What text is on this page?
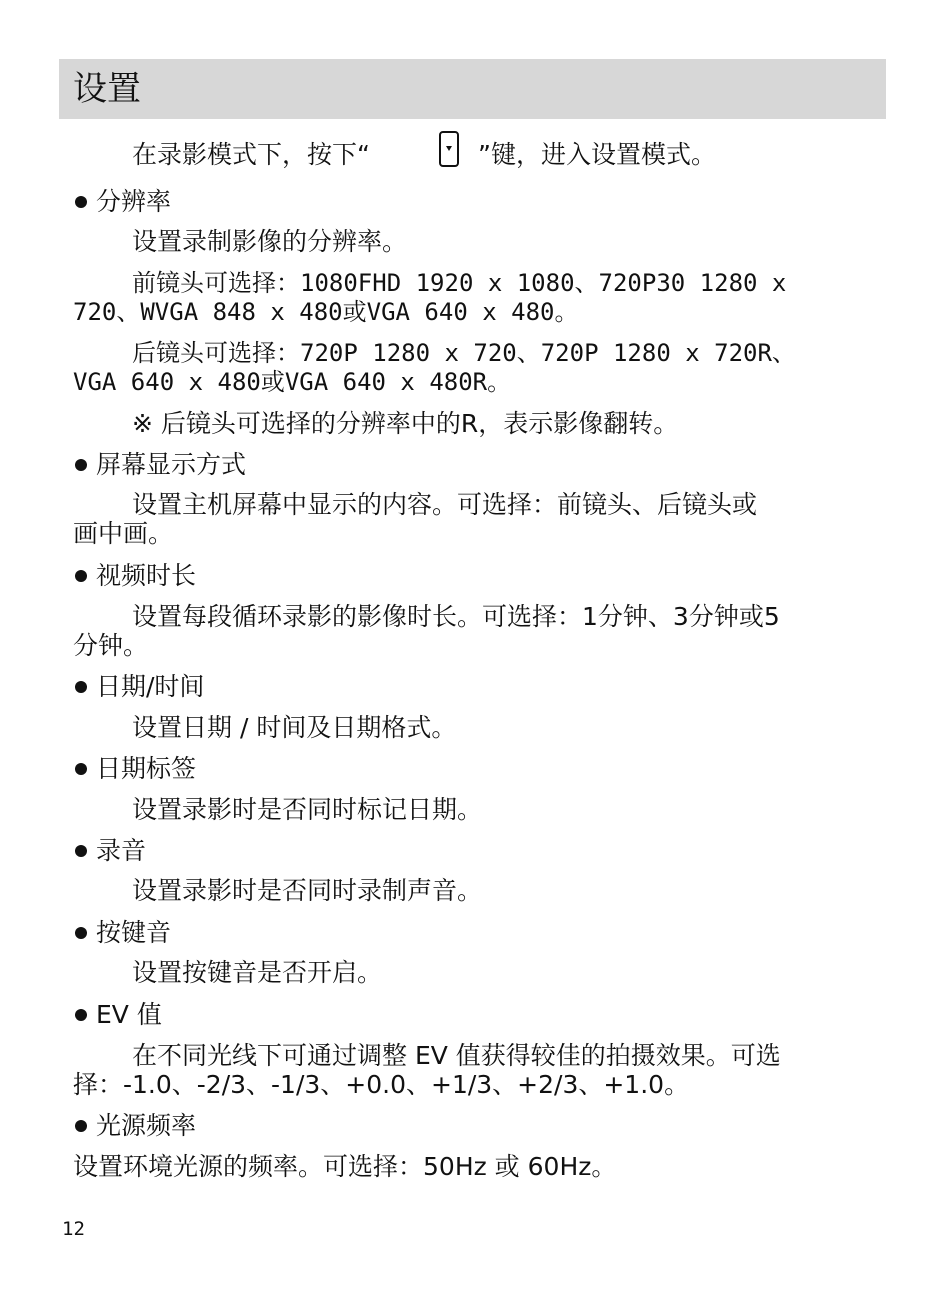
设置
在录影模式下，按下“	”键，进入设置模式。
分辨率
设置录制影像的分辨率。
前镜头可选择：1080FHD 1920 x 1080、720P30 1280 x
720、WVGA 848 x 480或VGA 640 x 480。
后镜头可选择：720P 1280 x 720、720P 1280 x 720R、
VGA 640 x 480或VGA 640 x 480R。
※ 后镜头可选择的分辨率中的R，表示影像翻转。
屏幕显示方式
设置主机屏幕中显示的内容。可选择：前镜头、后镜头或
画中画。
视频时长
设置每段循环录影的影像时长。可选择：1分钟、3分钟或5
分钟。
日期/时间
设置日期 / 时间及日期格式。
日期标签
设置录影时是否同时标记日期。
录音
设置录影时是否同时录制声音。
按键音
设置按键音是否开启。
EV 值
在不同光线下可通过调整 EV 值获得较佳的拍摄效果。可选
择：-1.0、-2/3、-1/3、+0.0、+1/3、+2/3、+1.0。
光源频率
设置环境光源的频率。可选择：50Hz 或 60Hz。
12
